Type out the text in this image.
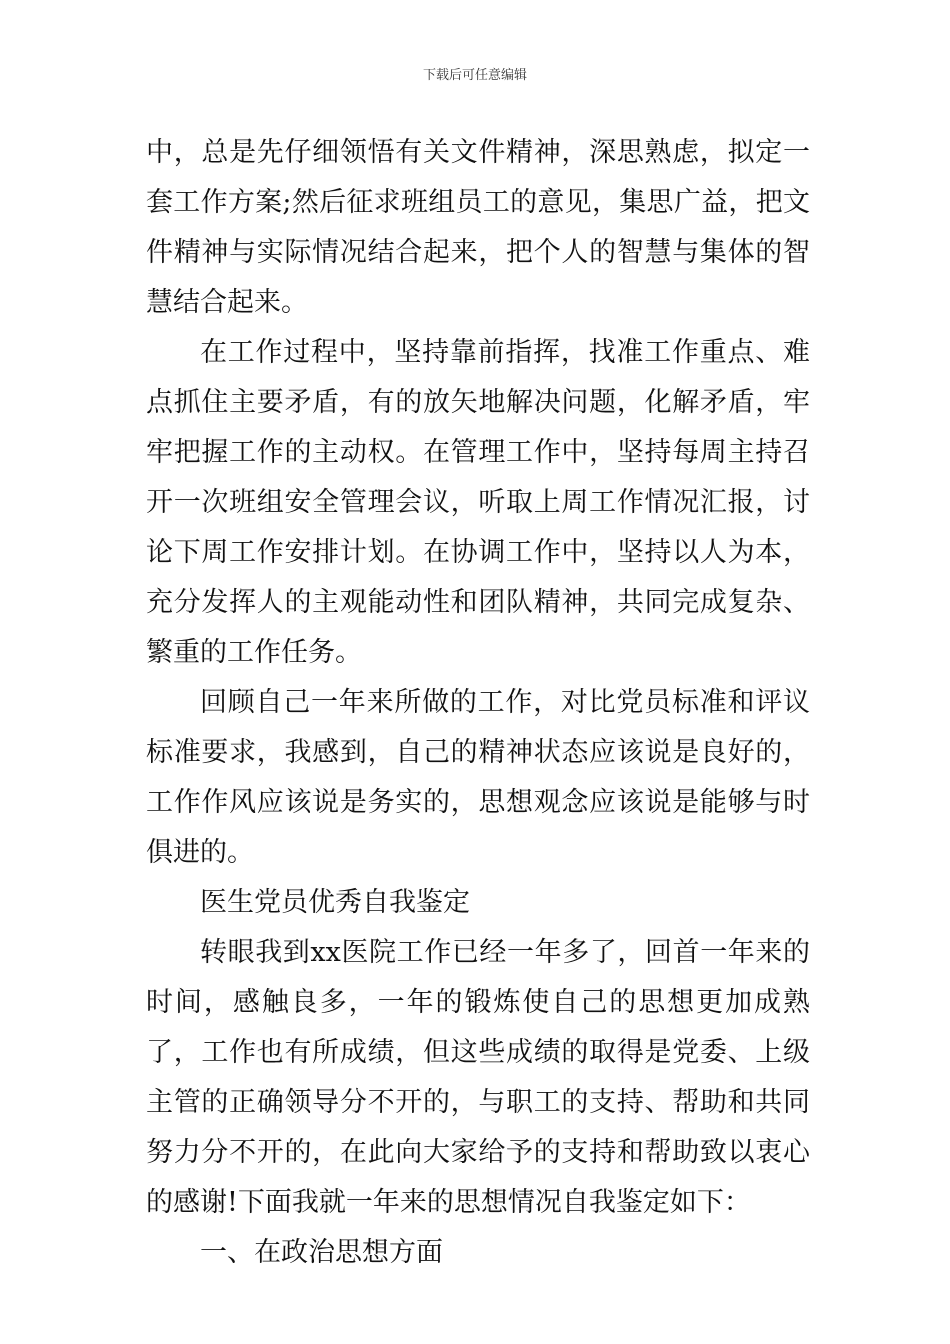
下载后可任意编辑

中，总是先仔细领悟有关文件精神，深思熟虑，拟定一套工作方案;然后征求班组员工的意见，集思广益，把文件精神与实际情况结合起来，把个人的智慧与集体的智慧结合起来。

在工作过程中，坚持靠前指挥，找准工作重点、难点抓住主要矛盾，有的放矢地解决问题，化解矛盾，牢牢把握工作的主动权。在管理工作中，坚持每周主持召开一次班组安全管理会议，听取上周工作情况汇报，讨论下周工作安排计划。在协调工作中，坚持以人为本，充分发挥人的主观能动性和团队精神，共同完成复杂、繁重的工作任务。

回顾自己一年来所做的工作，对比党员标准和评议标准要求，我感到，自己的精神状态应该说是良好的，工作作风应该说是务实的，思想观念应该说是能够与时俱进的。

医生党员优秀自我鉴定

转眼我到xx医院工作已经一年多了，回首一年来的时间，感触良多，一年的锻炼使自己的思想更加成熟了，工作也有所成绩，但这些成绩的取得是党委、上级主管的正确领导分不开的，与职工的支持、帮助和共同努力分不开的，在此向大家给予的支持和帮助致以衷心的感谢!下面我就一年来的思想情况自我鉴定如下：

一、在政治思想方面
